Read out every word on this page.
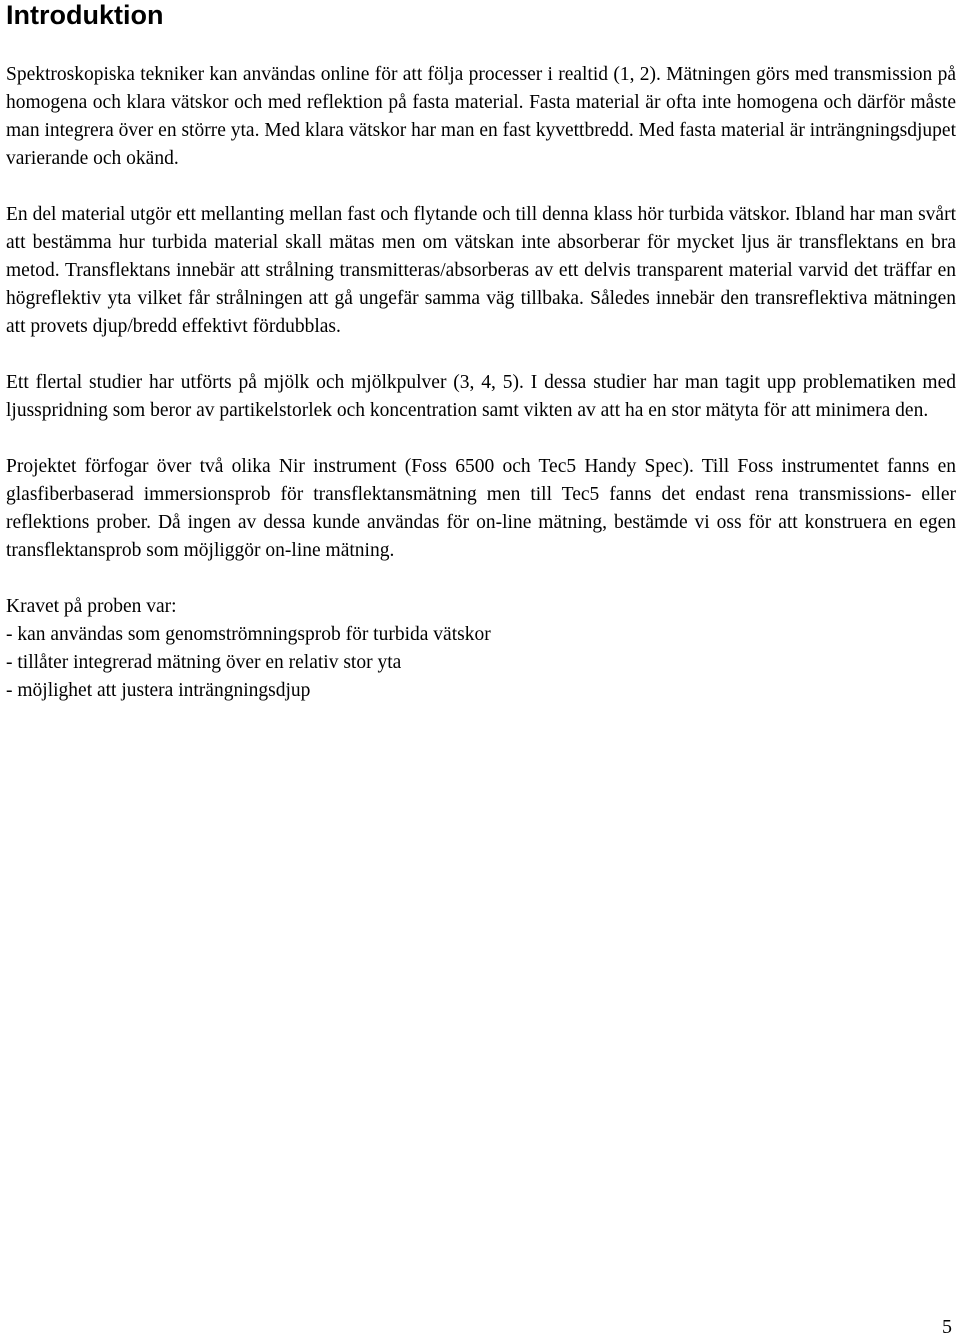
Introduktion

Spektroskopiska tekniker kan användas online för att följa processer i realtid (1, 2). Mätningen görs med transmission på homogena och klara vätskor och med reflektion på fasta material. Fasta material är ofta inte homogena och därför måste man integrera över en större yta. Med klara vätskor har man en fast kyvettbredd. Med fasta material är inträngningsdjupet varierande och okänd.

En del material utgör ett mellanting mellan fast och flytande och till denna klass hör turbida vätskor. Ibland har man svårt att bestämma hur turbida material skall mätas men om vätskan inte absorberar för mycket ljus är transflektans en bra metod. Transflektans innebär att strålning transmitteras/absorberas av ett delvis transparent material varvid det träffar en högreflektiv yta vilket får strålningen att gå ungefär samma väg tillbaka. Således innebär den transreflektiva mätningen att provets djup/bredd effektivt fördubblas.

Ett flertal studier har utförts på mjölk och mjölkpulver (3, 4, 5). I dessa studier har man tagit upp problematiken med ljusspridning som beror av partikelstorlek och koncentration samt vikten av att ha en stor mätyta för att minimera den.

Projektet förfogar över två olika Nir instrument (Foss 6500 och Tec5 Handy Spec). Till Foss instrumentet fanns en glasfiberbaserad immersionsprob för transflektansmätning men till Tec5 fanns det endast rena transmissions- eller reflektions prober. Då ingen av dessa kunde användas för on-line mätning, bestämde vi oss för att konstruera en egen transflektansprob som möjliggör on-line mätning.

Kravet på proben var:

- kan användas som genomströmningsprob för turbida vätskor
- tillåter integrerad mätning över en relativ stor yta
- möjlighet att justera inträngningsdjup
5
